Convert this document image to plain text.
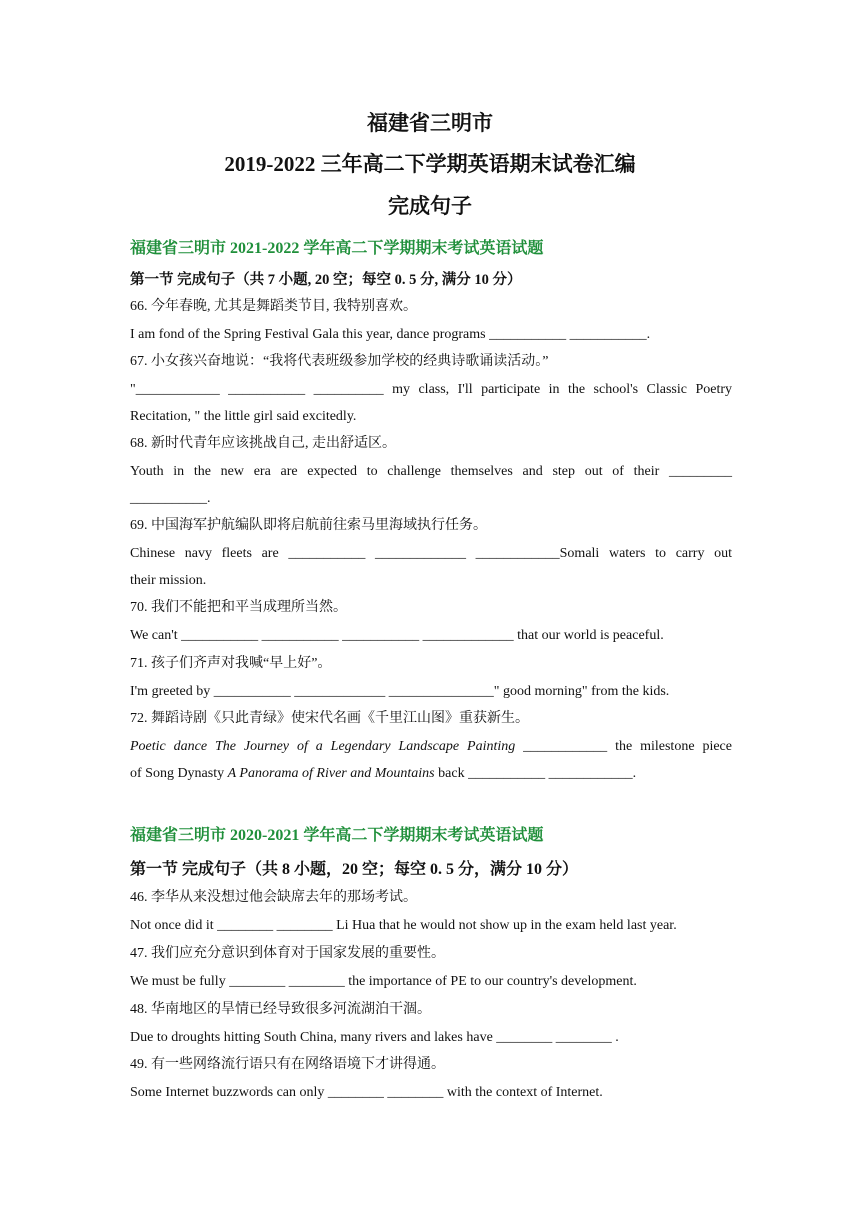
福建省三明市
2019-2022 三年高二下学期英语期末试卷汇编
完成句子
福建省三明市 2021-2022 学年高二下学期期末考试英语试题
第一节 完成句子（共 7 小题, 20 空；每空 0. 5 分, 满分 10 分）
66. 今年春晚, 尤其是舞蹈类节目, 我特别喜欢。
I am fond of the Spring Festival Gala this year, dance programs ___________ ___________.
67. 小女孩兴奋地说：“我将代表班级参加学校的经典诗歌诵读活动。”
"____________ ___________ __________ my class, I'll participate in the school's Classic Poetry
Recitation, " the little girl said excitedly.
68. 新时代青年应该挑战自己, 走出舒适区。
Youth in the new era are expected to challenge themselves and step out of their _________
___________.
69. 中国海军护航编队即将启航前往索马里海域执行任务。
Chinese navy fleets are ___________ _____________ ____________Somali waters to carry out
their mission.
70. 我们不能把和平当成理所当然。
We can't ___________ ___________ ___________ _____________ that our world is peaceful.
71. 孩子们齐声对我喊“早上好”。
I'm greeted by ___________ _____________ _______________" good morning" from the kids.
72. 舞蹈诗剧《只此青绿》使宋代名画《千里江山图》重获新生。
Poetic dance The Journey of a Legendary Landscape Painting ____________ the milestone piece
of Song Dynasty A Panorama of River and Mountains back ___________ ____________.
福建省三明市 2020-2021 学年高二下学期期末考试英语试题
第一节 完成句子（共 8 小题，20 空；每空 0. 5 分，满分 10 分）
46. 李华从来没想过他会缺席去年的那场考试。
Not once did it ________ ________ Li Hua that he would not show up in the exam held last year.
47. 我们应充分意识到体育对于国家发展的重要性。
We must be fully ________ ________ the importance of PE to our country's development.
48. 华南地区的旱情已经导致很多河流湖泊干涸。
Due to droughts hitting South China, many rivers and lakes have ________ ________ .
49. 有一些网络流行语只有在网络语境下才讲得通。
Some Internet buzzwords can only ________ ________ with the context of Internet.
